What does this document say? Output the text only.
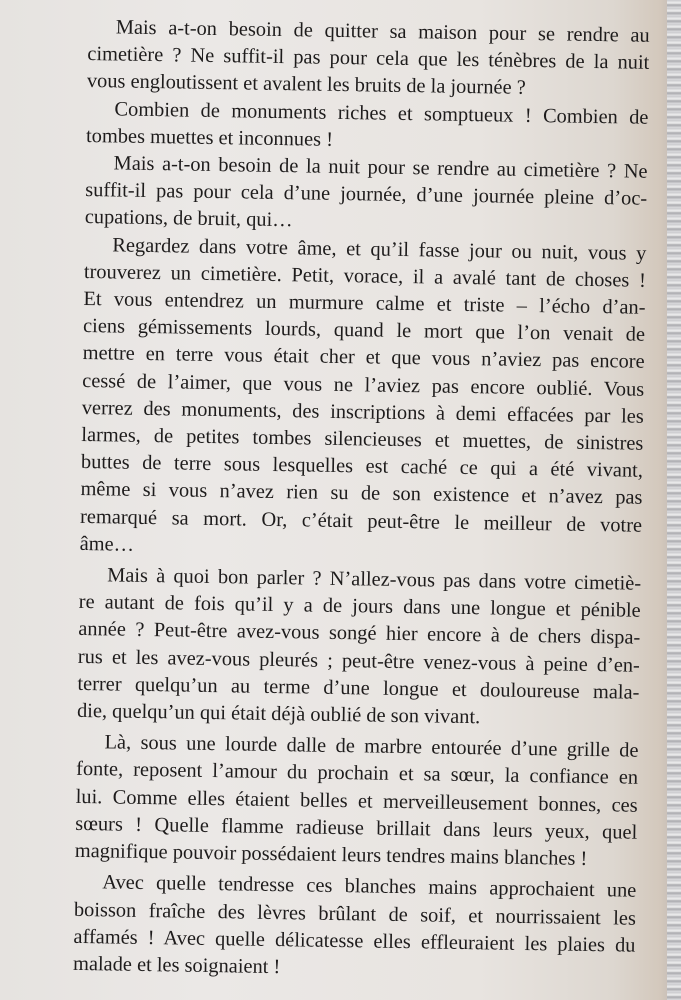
Mais a-t-on besoin de quitter sa maison pour se rendre au
cimetière ? Ne suffit-il pas pour cela que les ténèbres de la nuit
vous engloutissent et avalent les bruits de la journée ?

Combien de monuments riches et somptueux ! Combien de
tombes muettes et inconnues !

Mais a-t-on besoin de la nuit pour se rendre au cimetière ? Ne
suffit-il pas pour cela d’une journée, d’une journée pleine d’oc-
cupations, de bruit, qui…

Regardez dans votre âme, et qu’il fasse jour ou nuit, vous y
trouverez un cimetière. Petit, vorace, il a avalé tant de choses !
Et vous entendrez un murmure calme et triste – l’écho d’an-
ciens gémissements lourds, quand le mort que l’on venait de
mettre en terre vous était cher et que vous n’aviez pas encore
cessé de l’aimer, que vous ne l’aviez pas encore oublié. Vous
verrez des monuments, des inscriptions à demi effacées par les
larmes, de petites tombes silencieuses et muettes, de sinistres
buttes de terre sous lesquelles est caché ce qui a été vivant,
même si vous n’avez rien su de son existence et n’avez pas
remarqué sa mort. Or, c’était peut-être le meilleur de votre
âme…

Mais à quoi bon parler ? N’allez-vous pas dans votre cimetiè-
re autant de fois qu’il y a de jours dans une longue et pénible
année ? Peut-être avez-vous songé hier encore à de chers dispa-
rus et les avez-vous pleurés ; peut-être venez-vous à peine d’en-
terrer quelqu’un au terme d’une longue et douloureuse mala-
die, quelqu’un qui était déjà oublié de son vivant.

Là, sous une lourde dalle de marbre entourée d’une grille de
fonte, reposent l’amour du prochain et sa sœur, la confiance en
lui. Comme elles étaient belles et merveilleusement bonnes, ces
sœurs ! Quelle flamme radieuse brillait dans leurs yeux, quel
magnifique pouvoir possédaient leurs tendres mains blanches !

Avec quelle tendresse ces blanches mains approchaient une
boisson fraîche des lèvres brûlant de soif, et nourrissaient les
affamés ! Avec quelle délicatesse elles effleuraient les plaies du
malade et les soignaient !
